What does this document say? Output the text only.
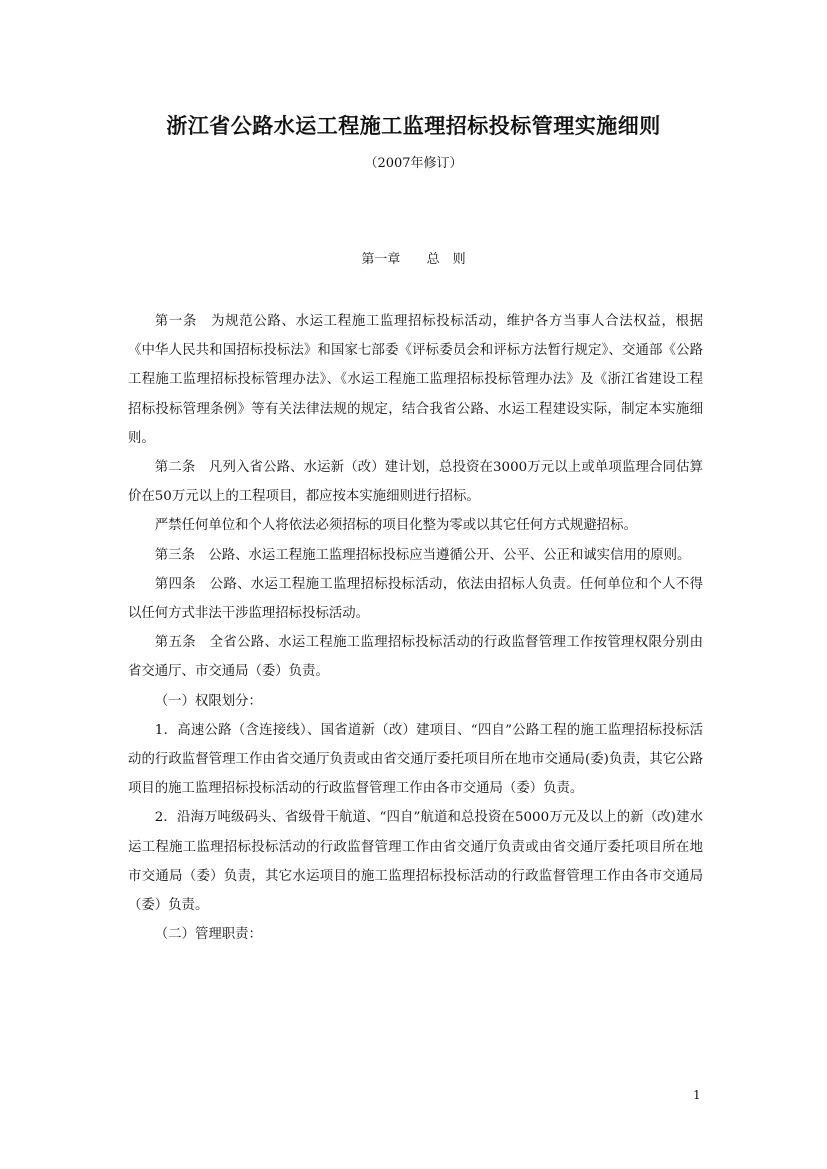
浙江省公路水运工程施工监理招标投标管理实施细则
（2007年修订）
第一章 总　则

第一条　为规范公路、水运工程施工监理招标投标活动，维护各方当事人合法权益，根据《中华人民共和国招标投标法》和国家七部委《评标委员会和评标方法暂行规定》、交通部《公路工程施工监理招标投标管理办法》、《水运工程施工监理招标投标管理办法》及《浙江省建设工程招标投标管理条例》等有关法律法规的规定，结合我省公路、水运工程建设实际，制定本实施细则。

第二条　凡列入省公路、水运新（改）建计划，总投资在3000万元以上或单项监理合同估算价在50万元以上的工程项目，都应按本实施细则进行招标。

严禁任何单位和个人将依法必须招标的项目化整为零或以其它任何方式规避招标。

第三条　公路、水运工程施工监理招标投标应当遵循公开、公平、公正和诚实信用的原则。

第四条　公路、水运工程施工监理招标投标活动，依法由招标人负责。任何单位和个人不得以任何方式非法干涉监理招标投标活动。

第五条　全省公路、水运工程施工监理招标投标活动的行政监督管理工作按管理权限分别由省交通厅、市交通局（委）负责。

（一）权限划分：

1．高速公路（含连接线）、国省道新（改）建项目、“四自”公路工程的施工监理招标投标活动的行政监督管理工作由省交通厅负责或由省交通厅委托项目所在地市交通局(委)负责，其它公路项目的施工监理招标投标活动的行政监督管理工作由各市交通局（委）负责。

2．沿海万吨级码头、省级骨干航道、“四自”航道和总投资在5000万元及以上的新（改)建水运工程施工监理招标投标活动的行政监督管理工作由省交通厅负责或由省交通厅委托项目所在地市交通局（委）负责，其它水运项目的施工监理招标投标活动的行政监督管理工作由各市交通局（委）负责。

（二）管理职责：

1
